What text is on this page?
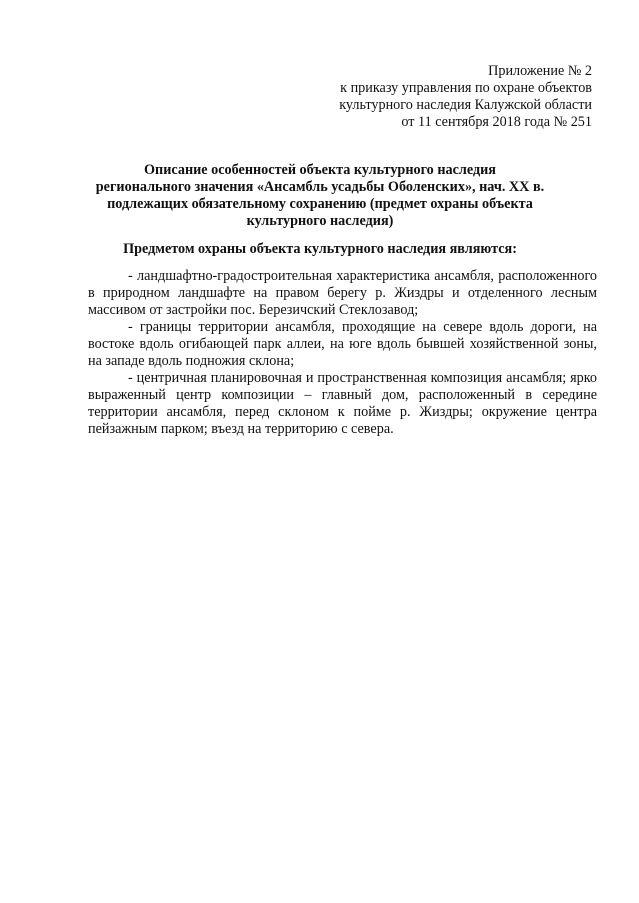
Приложение № 2
к приказу управления по охране объектов
культурного наследия Калужской области
от 11 сентября 2018 года № 251
Описание особенностей объекта культурного наследия
регионального значения «Ансамбль усадьбы Оболенских», нач. XX в.
подлежащих обязательному сохранению (предмет охраны объекта
культурного наследия)
Предметом охраны объекта культурного наследия являются:

- ландшафтно-градостроительная характеристика ансамбля, расположенного в природном ландшафте на правом берегу р. Жиздры и отделенного лесным массивом от застройки пос. Березичский Стеклозавод;

- границы территории ансамбля, проходящие на севере вдоль дороги, на востоке вдоль огибающей парк аллеи, на юге вдоль бывшей хозяйственной зоны, на западе вдоль подножия склона;

- центричная планировочная и пространственная композиция ансамбля; ярко выраженный центр композиции – главный дом, расположенный в середине территории ансамбля, перед склоном к пойме р. Жиздры; окружение центра пейзажным парком; въезд на территорию с севера.
